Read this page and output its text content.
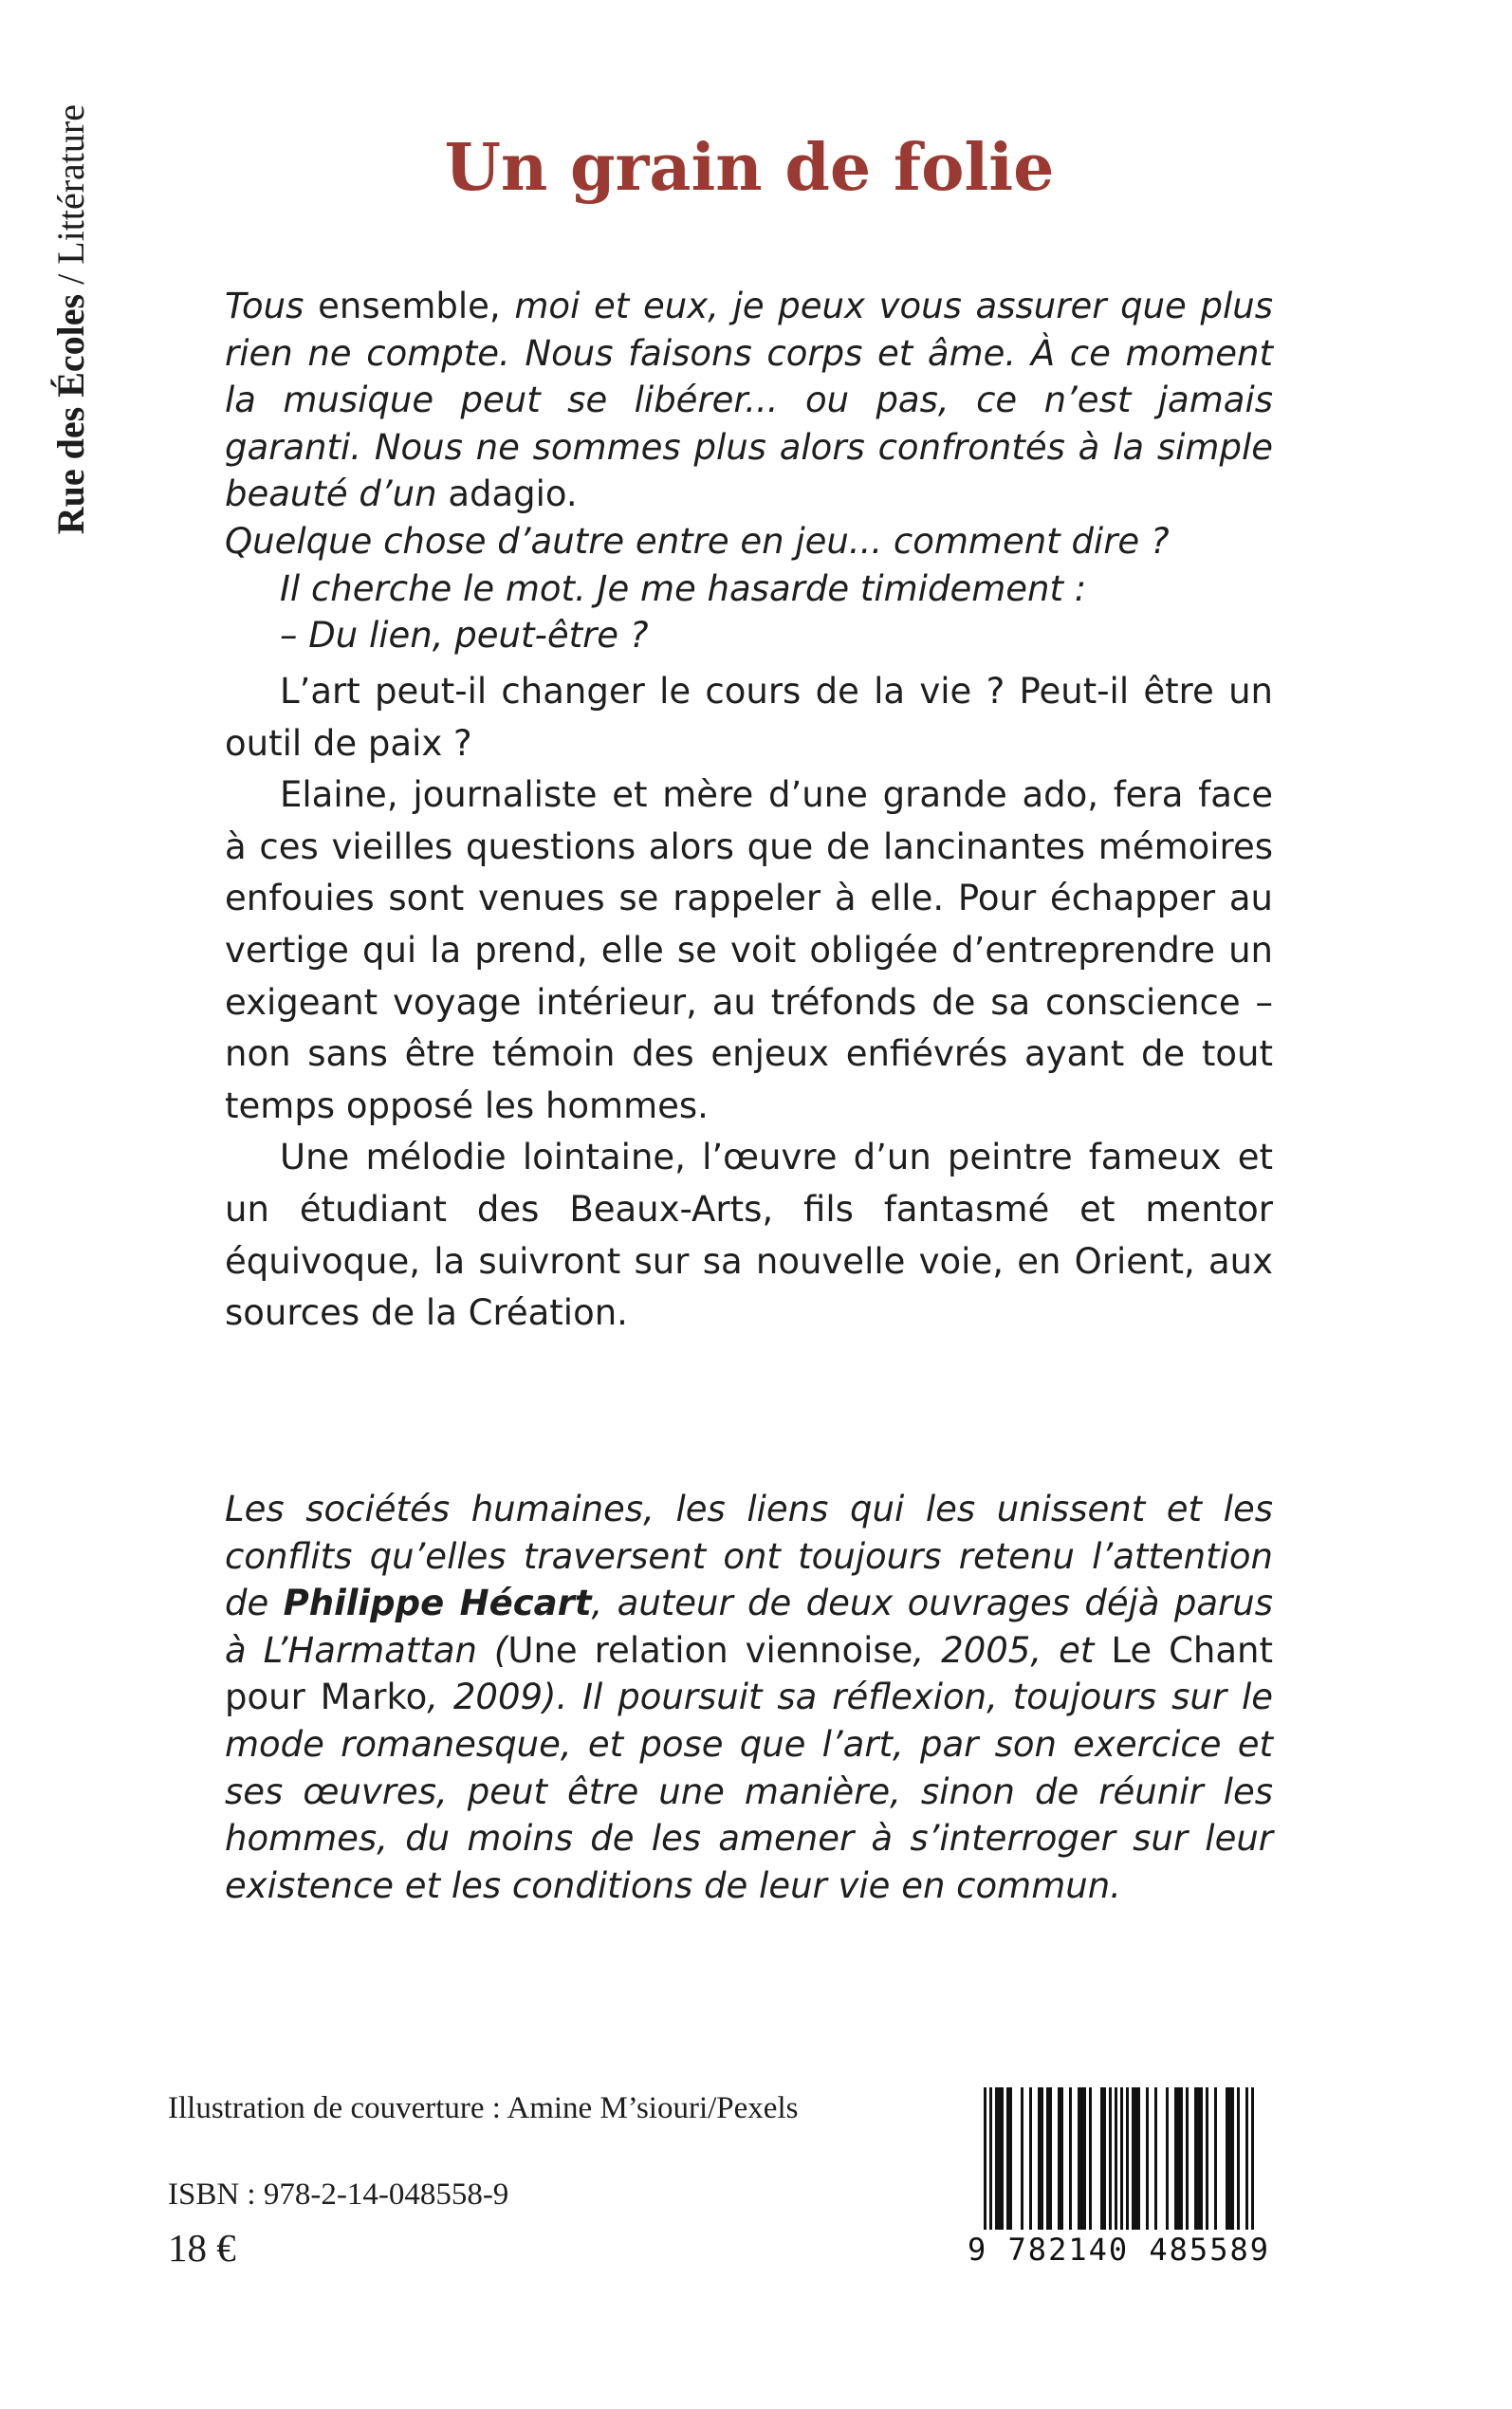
Rue des Écoles / Littérature	Un grain de folie

Tous ensemble, moi et eux, je peux vous assurer que plus rien ne compte. Nous faisons corps et âme. À ce moment la musique peut se libérer... ou pas, ce n’est jamais garanti. Nous ne sommes plus alors confrontés à la simple beauté d’un adagio.

Quelque chose d’autre entre en jeu... comment dire ?

Il cherche le mot. Je me hasarde timidement :

– Du lien, peut-être ?

L’art peut-il changer le cours de la vie ? Peut-il être un outil de paix ?

Elaine, journaliste et mère d’une grande ado, fera face à ces vieilles questions alors que de lancinantes mémoires enfouies sont venues se rappeler à elle. Pour échapper au vertige qui la prend, elle se voit obligée d’entreprendre un exigeant voyage intérieur, au tréfonds de sa conscience – non sans être témoin des enjeux enfiévrés ayant de tout temps opposé les hommes.

Une mélodie lointaine, l’œuvre d’un peintre fameux et un étudiant des Beaux-Arts, fils fantasmé et mentor équivoque, la suivront sur sa nouvelle voie, en Orient, aux sources de la Création.

Les sociétés humaines, les liens qui les unissent et les conflits qu’elles traversent ont toujours retenu l’attention de Philippe Hécart, auteur de deux ouvrages déjà parus à L’Harmattan (Une relation viennoise, 2005, et Le Chant pour Marko, 2009). Il poursuit sa réflexion, toujours sur le mode romanesque, et pose que l’art, par son exercice et ses œuvres, peut être une manière, sinon de réunir les hommes, du moins de les amener à s’interroger sur leur existence et les conditions de leur vie en commun.

Illustration de couverture : Amine M’siouri/Pexels
ISBN : 978-2-14-048558-9
18 €	9 782140 485589
